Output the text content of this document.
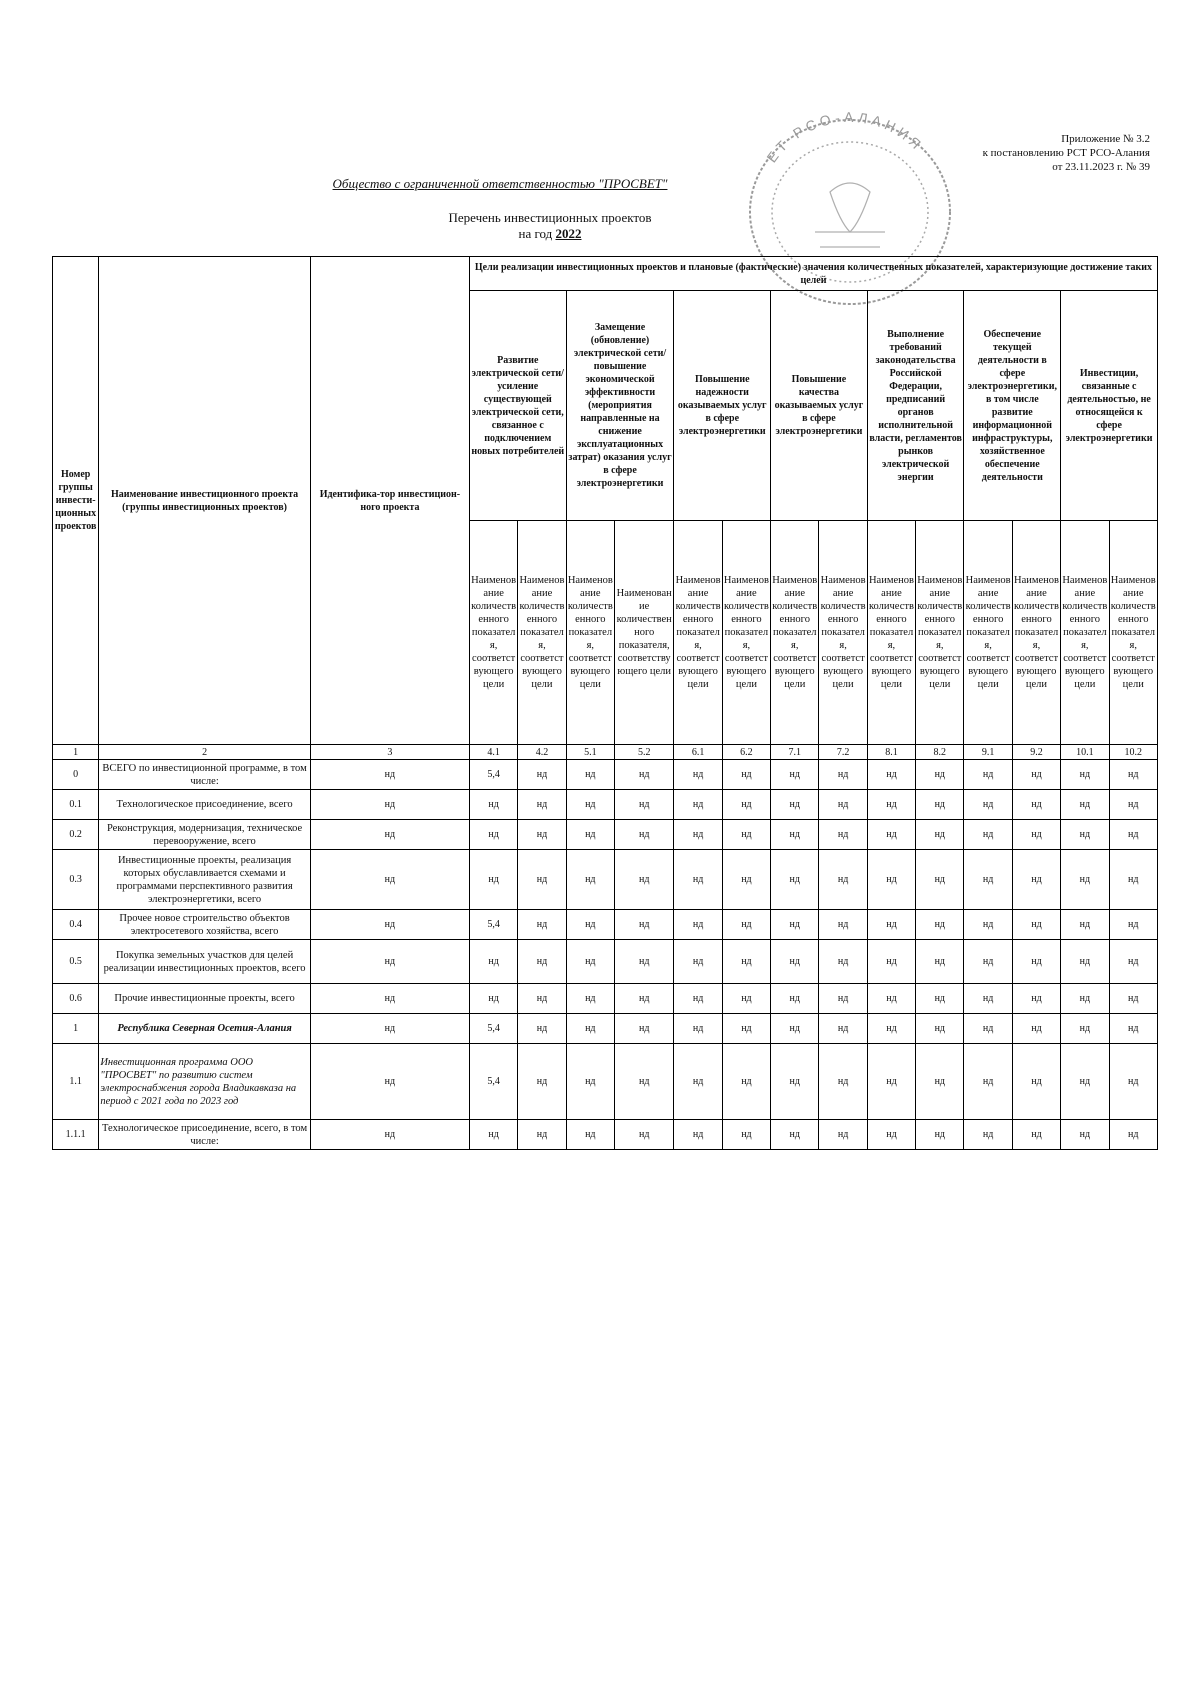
Приложение № 3.2
к постановлению РСТ РСО-Алания
от 23.11.2023 г. № 39
ЕТ РСО-АЛАНИЯ
Общество с ограниченной ответственностью "ПРОСВЕТ"
Перечень инвестиционных проектов
на год 2022
Номер группы инвести-ционных проектов	Наименование инвестиционного проекта (группы инвестиционных проектов)	Идентифика-тор инвестицион-ного проекта	Цели реализации инвестиционных проектов и плановые (фактические) значения количественных показателей, характеризующие достижение таких целей													
			Развитие электрической сети/усиление существующей электрической сети, связанное с подключением новых потребителей		Замещение (обновление) электрической сети/повышение экономической эффективности (мероприятия направленные на снижение эксплуатационных затрат) оказания услуг в сфере электроэнергетики		Повышение надежности оказываемых услуг в сфере электроэнергетики		Повышение качества оказываемых услуг в сфере электроэнергетики		Выполнение требований законодательства Российской Федерации, предписаний органов исполнительной власти, регламентов рынков электрической энергии		Обеспечение текущей деятельности в сфере электроэнергетики, в том числе развитие информационной инфраструктуры, хозяйственное обеспечение деятельности		Инвестиции, связанные с деятельностью, не относящейся к сфере электроэнергетики	
			Наименование количественного показателя, соответствующего цели	Наименование количественного показателя, соответствующего цели	Наименование количественного показателя, соответствующего цели	Наименование количественного показателя, соответствующего цели	Наименование количественного показателя, соответствующего цели	Наименование количественного показателя, соответствующего цели	Наименование количественного показателя, соответствующего цели	Наименование количественного показателя, соответствующего цели	Наименование количественного показателя, соответствующего цели	Наименование количественного показателя, соответствующего цели	Наименование количественного показателя, соответствующего цели	Наименование количественного показателя, соответствующего цели	Наименование количественного показателя, соответствующего цели	Наименование количественного показателя, соответствующего цели
1	2	3	4.1	4.2	5.1	5.2	6.1	6.2	7.1	7.2	8.1	8.2	9.1	9.2	10.1	10.2
0	ВСЕГО по инвестиционной программе, в том числе:	нд	5,4	нд	нд	нд	нд	нд	нд	нд	нд	нд	нд	нд	нд	нд
0.1	Технологическое присоединение, всего	нд	нд	нд	нд	нд	нд	нд	нд	нд	нд	нд	нд	нд	нд	нд
0.2	Реконструкция, модернизация, техническое перевооружение, всего	нд	нд	нд	нд	нд	нд	нд	нд	нд	нд	нд	нд	нд	нд	нд
0.3	Инвестиционные проекты, реализация которых обуславливается схемами и программами перспективного развития электроэнергетики, всего	нд	нд	нд	нд	нд	нд	нд	нд	нд	нд	нд	нд	нд	нд	нд
0.4	Прочее новое строительство объектов электросетевого хозяйства, всего	нд	5,4	нд	нд	нд	нд	нд	нд	нд	нд	нд	нд	нд	нд	нд
0.5	Покупка земельных участков для целей реализации инвестиционных проектов, всего	нд	нд	нд	нд	нд	нд	нд	нд	нд	нд	нд	нд	нд	нд	нд
0.6	Прочие инвестиционные проекты, всего	нд	нд	нд	нд	нд	нд	нд	нд	нд	нд	нд	нд	нд	нд	нд
1	Республика Северная Осетия-Алания	нд	5,4	нд	нд	нд	нд	нд	нд	нд	нд	нд	нд	нд	нд	нд
1.1	Инвестиционная программа ООО "ПРОСВЕТ" по развитию систем электроснабжения города Владикавказа на период с 2021 года по 2023 год	нд	5,4	нд	нд	нд	нд	нд	нд	нд	нд	нд	нд	нд	нд	нд
1.1.1	Технологическое присоединение, всего, в том числе:	нд	нд	нд	нд	нд	нд	нд	нд	нд	нд	нд	нд	нд	нд	нд
